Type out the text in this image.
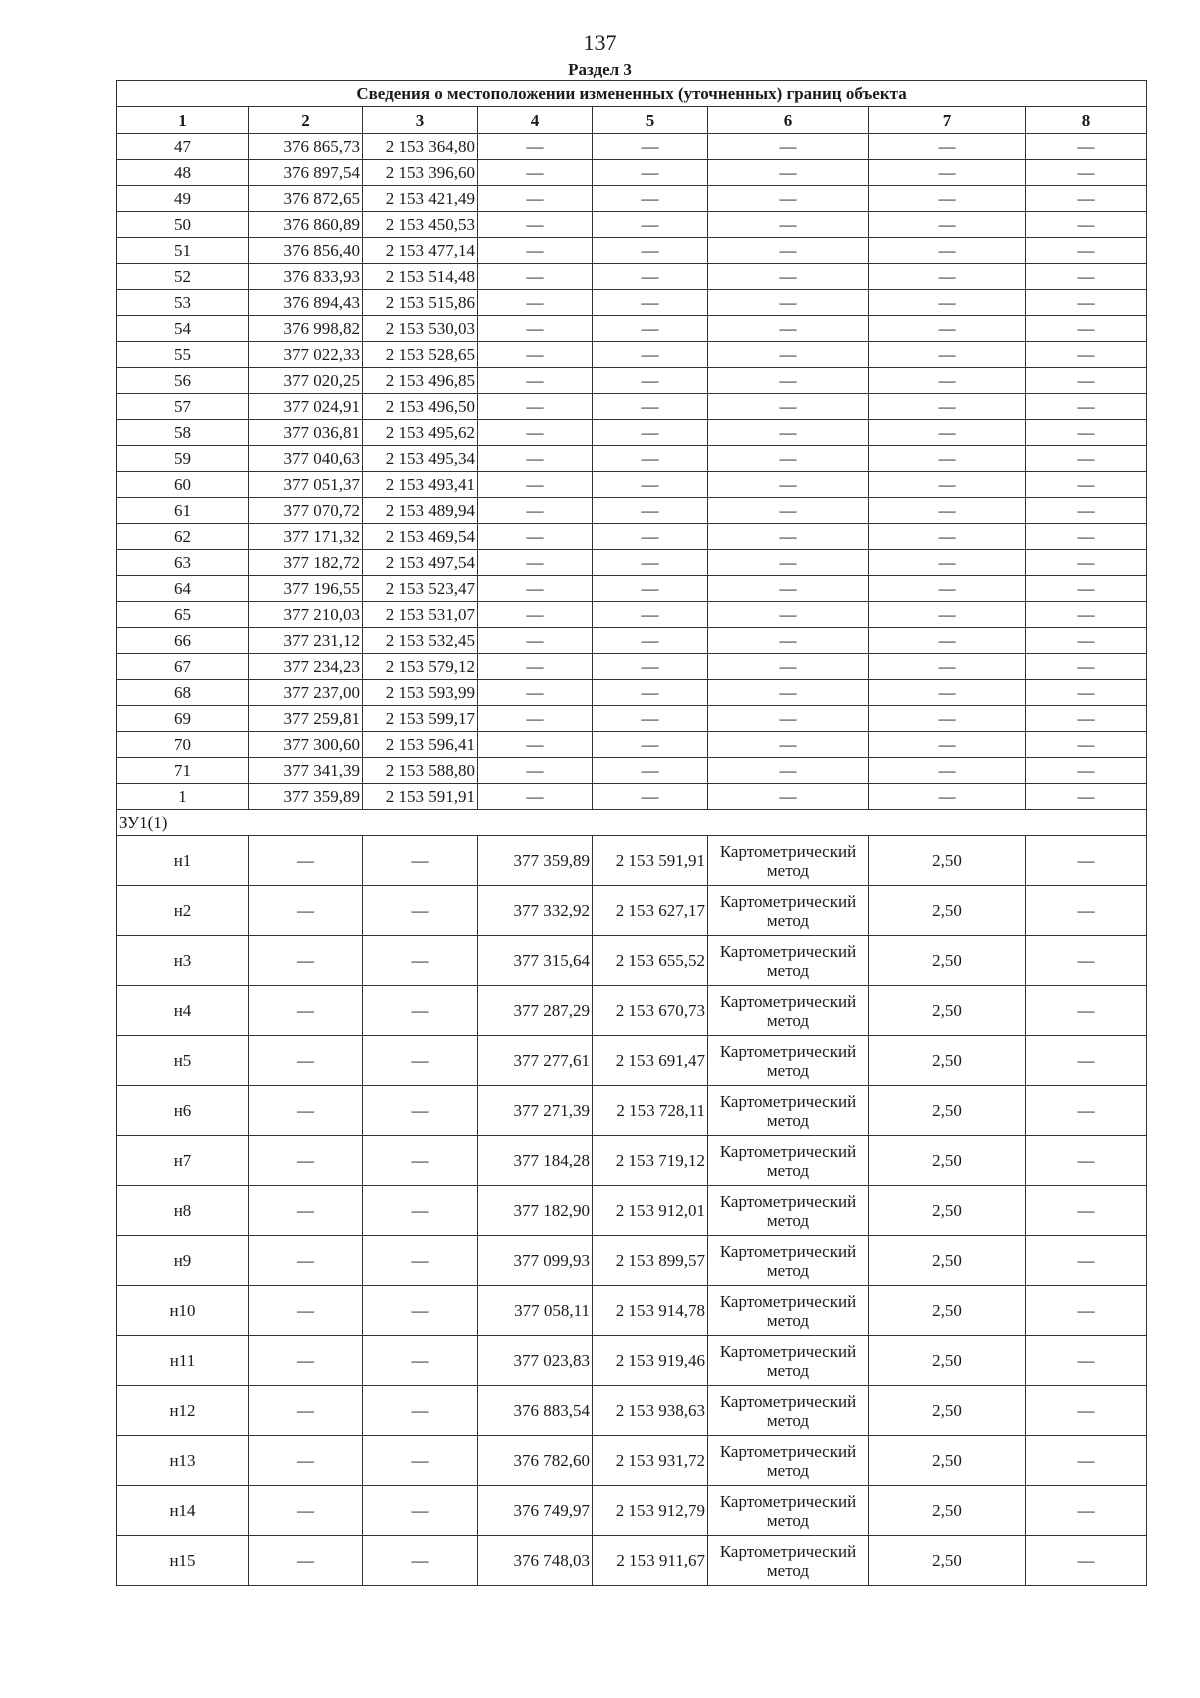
137
Раздел 3
Сведения о местоположении измененных (уточненных) границ объекта							
1	2	3	4	5	6	7	8
47	376 865,73	2 153 364,80	—	—	—	—	—
48	376 897,54	2 153 396,60	—	—	—	—	—
49	376 872,65	2 153 421,49	—	—	—	—	—
50	376 860,89	2 153 450,53	—	—	—	—	—
51	376 856,40	2 153 477,14	—	—	—	—	—
52	376 833,93	2 153 514,48	—	—	—	—	—
53	376 894,43	2 153 515,86	—	—	—	—	—
54	376 998,82	2 153 530,03	—	—	—	—	—
55	377 022,33	2 153 528,65	—	—	—	—	—
56	377 020,25	2 153 496,85	—	—	—	—	—
57	377 024,91	2 153 496,50	—	—	—	—	—
58	377 036,81	2 153 495,62	—	—	—	—	—
59	377 040,63	2 153 495,34	—	—	—	—	—
60	377 051,37	2 153 493,41	—	—	—	—	—
61	377 070,72	2 153 489,94	—	—	—	—	—
62	377 171,32	2 153 469,54	—	—	—	—	—
63	377 182,72	2 153 497,54	—	—	—	—	—
64	377 196,55	2 153 523,47	—	—	—	—	—
65	377 210,03	2 153 531,07	—	—	—	—	—
66	377 231,12	2 153 532,45	—	—	—	—	—
67	377 234,23	2 153 579,12	—	—	—	—	—
68	377 237,00	2 153 593,99	—	—	—	—	—
69	377 259,81	2 153 599,17	—	—	—	—	—
70	377 300,60	2 153 596,41	—	—	—	—	—
71	377 341,39	2 153 588,80	—	—	—	—	—
1	377 359,89	2 153 591,91	—	—	—	—	—
ЗУ1(1)							
н1	—	—	377 359,89	2 153 591,91	Картометрический метод	2,50	—
н2	—	—	377 332,92	2 153 627,17	Картометрический метод	2,50	—
н3	—	—	377 315,64	2 153 655,52	Картометрический метод	2,50	—
н4	—	—	377 287,29	2 153 670,73	Картометрический метод	2,50	—
н5	—	—	377 277,61	2 153 691,47	Картометрический метод	2,50	—
н6	—	—	377 271,39	2 153 728,11	Картометрический метод	2,50	—
н7	—	—	377 184,28	2 153 719,12	Картометрический метод	2,50	—
н8	—	—	377 182,90	2 153 912,01	Картометрический метод	2,50	—
н9	—	—	377 099,93	2 153 899,57	Картометрический метод	2,50	—
н10	—	—	377 058,11	2 153 914,78	Картометрический метод	2,50	—
н11	—	—	377 023,83	2 153 919,46	Картометрический метод	2,50	—
н12	—	—	376 883,54	2 153 938,63	Картометрический метод	2,50	—
н13	—	—	376 782,60	2 153 931,72	Картометрический метод	2,50	—
н14	—	—	376 749,97	2 153 912,79	Картометрический метод	2,50	—
н15	—	—	376 748,03	2 153 911,67	Картометрический метод	2,50	—
